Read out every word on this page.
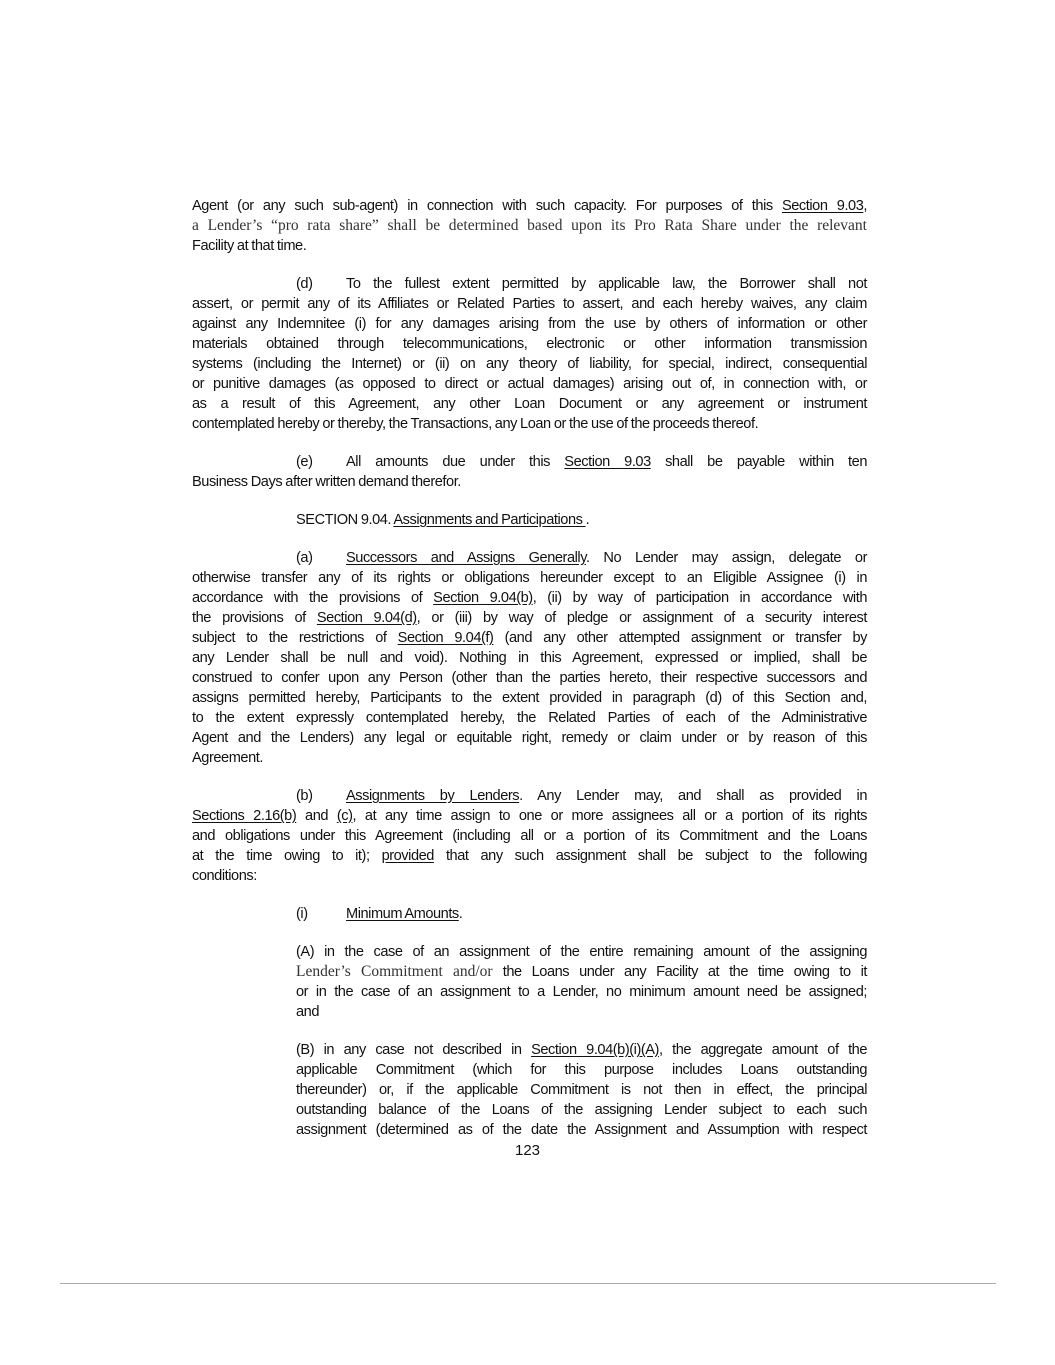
Agent (or any such sub-agent) in connection with such capacity. For purposes of this Section 9.03,
a Lender’s “pro rata share” shall be determined based upon its Pro Rata Share under the relevant
Facility at that time.
(d) To the fullest extent permitted by applicable law, the Borrower shall not
assert, or permit any of its Affiliates or Related Parties to assert, and each hereby waives, any claim
against any Indemnitee (i) for any damages arising from the use by others of information or other
materials obtained through telecommunications, electronic or other information transmission
systems (including the Internet) or (ii) on any theory of liability, for special, indirect, consequential
or punitive damages (as opposed to direct or actual damages) arising out of, in connection with, or
as a result of this Agreement, any other Loan Document or any agreement or instrument
contemplated hereby or thereby, the Transactions, any Loan or the use of the proceeds thereof.
(e) All amounts due under this Section 9.03 shall be payable within ten
Business Days after written demand therefor.
SECTION 9.04. Assignments and Participations .
(a) Successors and Assigns Generally. No Lender may assign, delegate or
otherwise transfer any of its rights or obligations hereunder except to an Eligible Assignee (i) in
accordance with the provisions of Section 9.04(b), (ii) by way of participation in accordance with
the provisions of Section 9.04(d), or (iii) by way of pledge or assignment of a security interest
subject to the restrictions of Section 9.04(f) (and any other attempted assignment or transfer by
any Lender shall be null and void). Nothing in this Agreement, expressed or implied, shall be
construed to confer upon any Person (other than the parties hereto, their respective successors and
assigns permitted hereby, Participants to the extent provided in paragraph (d) of this Section and,
to the extent expressly contemplated hereby, the Related Parties of each of the Administrative
Agent and the Lenders) any legal or equitable right, remedy or claim under or by reason of this
Agreement.
(b) Assignments by Lenders. Any Lender may, and shall as provided in
Sections 2.16(b) and (c), at any time assign to one or more assignees all or a portion of its rights
and obligations under this Agreement (including all or a portion of its Commitment and the Loans
at the time owing to it); provided that any such assignment shall be subject to the following
conditions:
(i)	Minimum Amounts.
(A) in the case of an assignment of the entire remaining amount of the assigning
Lender’s Commitment and/or the Loans under any Facility at the time owing to it
or in the case of an assignment to a Lender, no minimum amount need be assigned;
and
(B) in any case not described in Section 9.04(b)(i)(A), the aggregate amount of the
applicable Commitment (which for this purpose includes Loans outstanding
thereunder) or, if the applicable Commitment is not then in effect, the principal
outstanding balance of the Loans of the assigning Lender subject to each such
assignment (determined as of the date the Assignment and Assumption with respect
123
